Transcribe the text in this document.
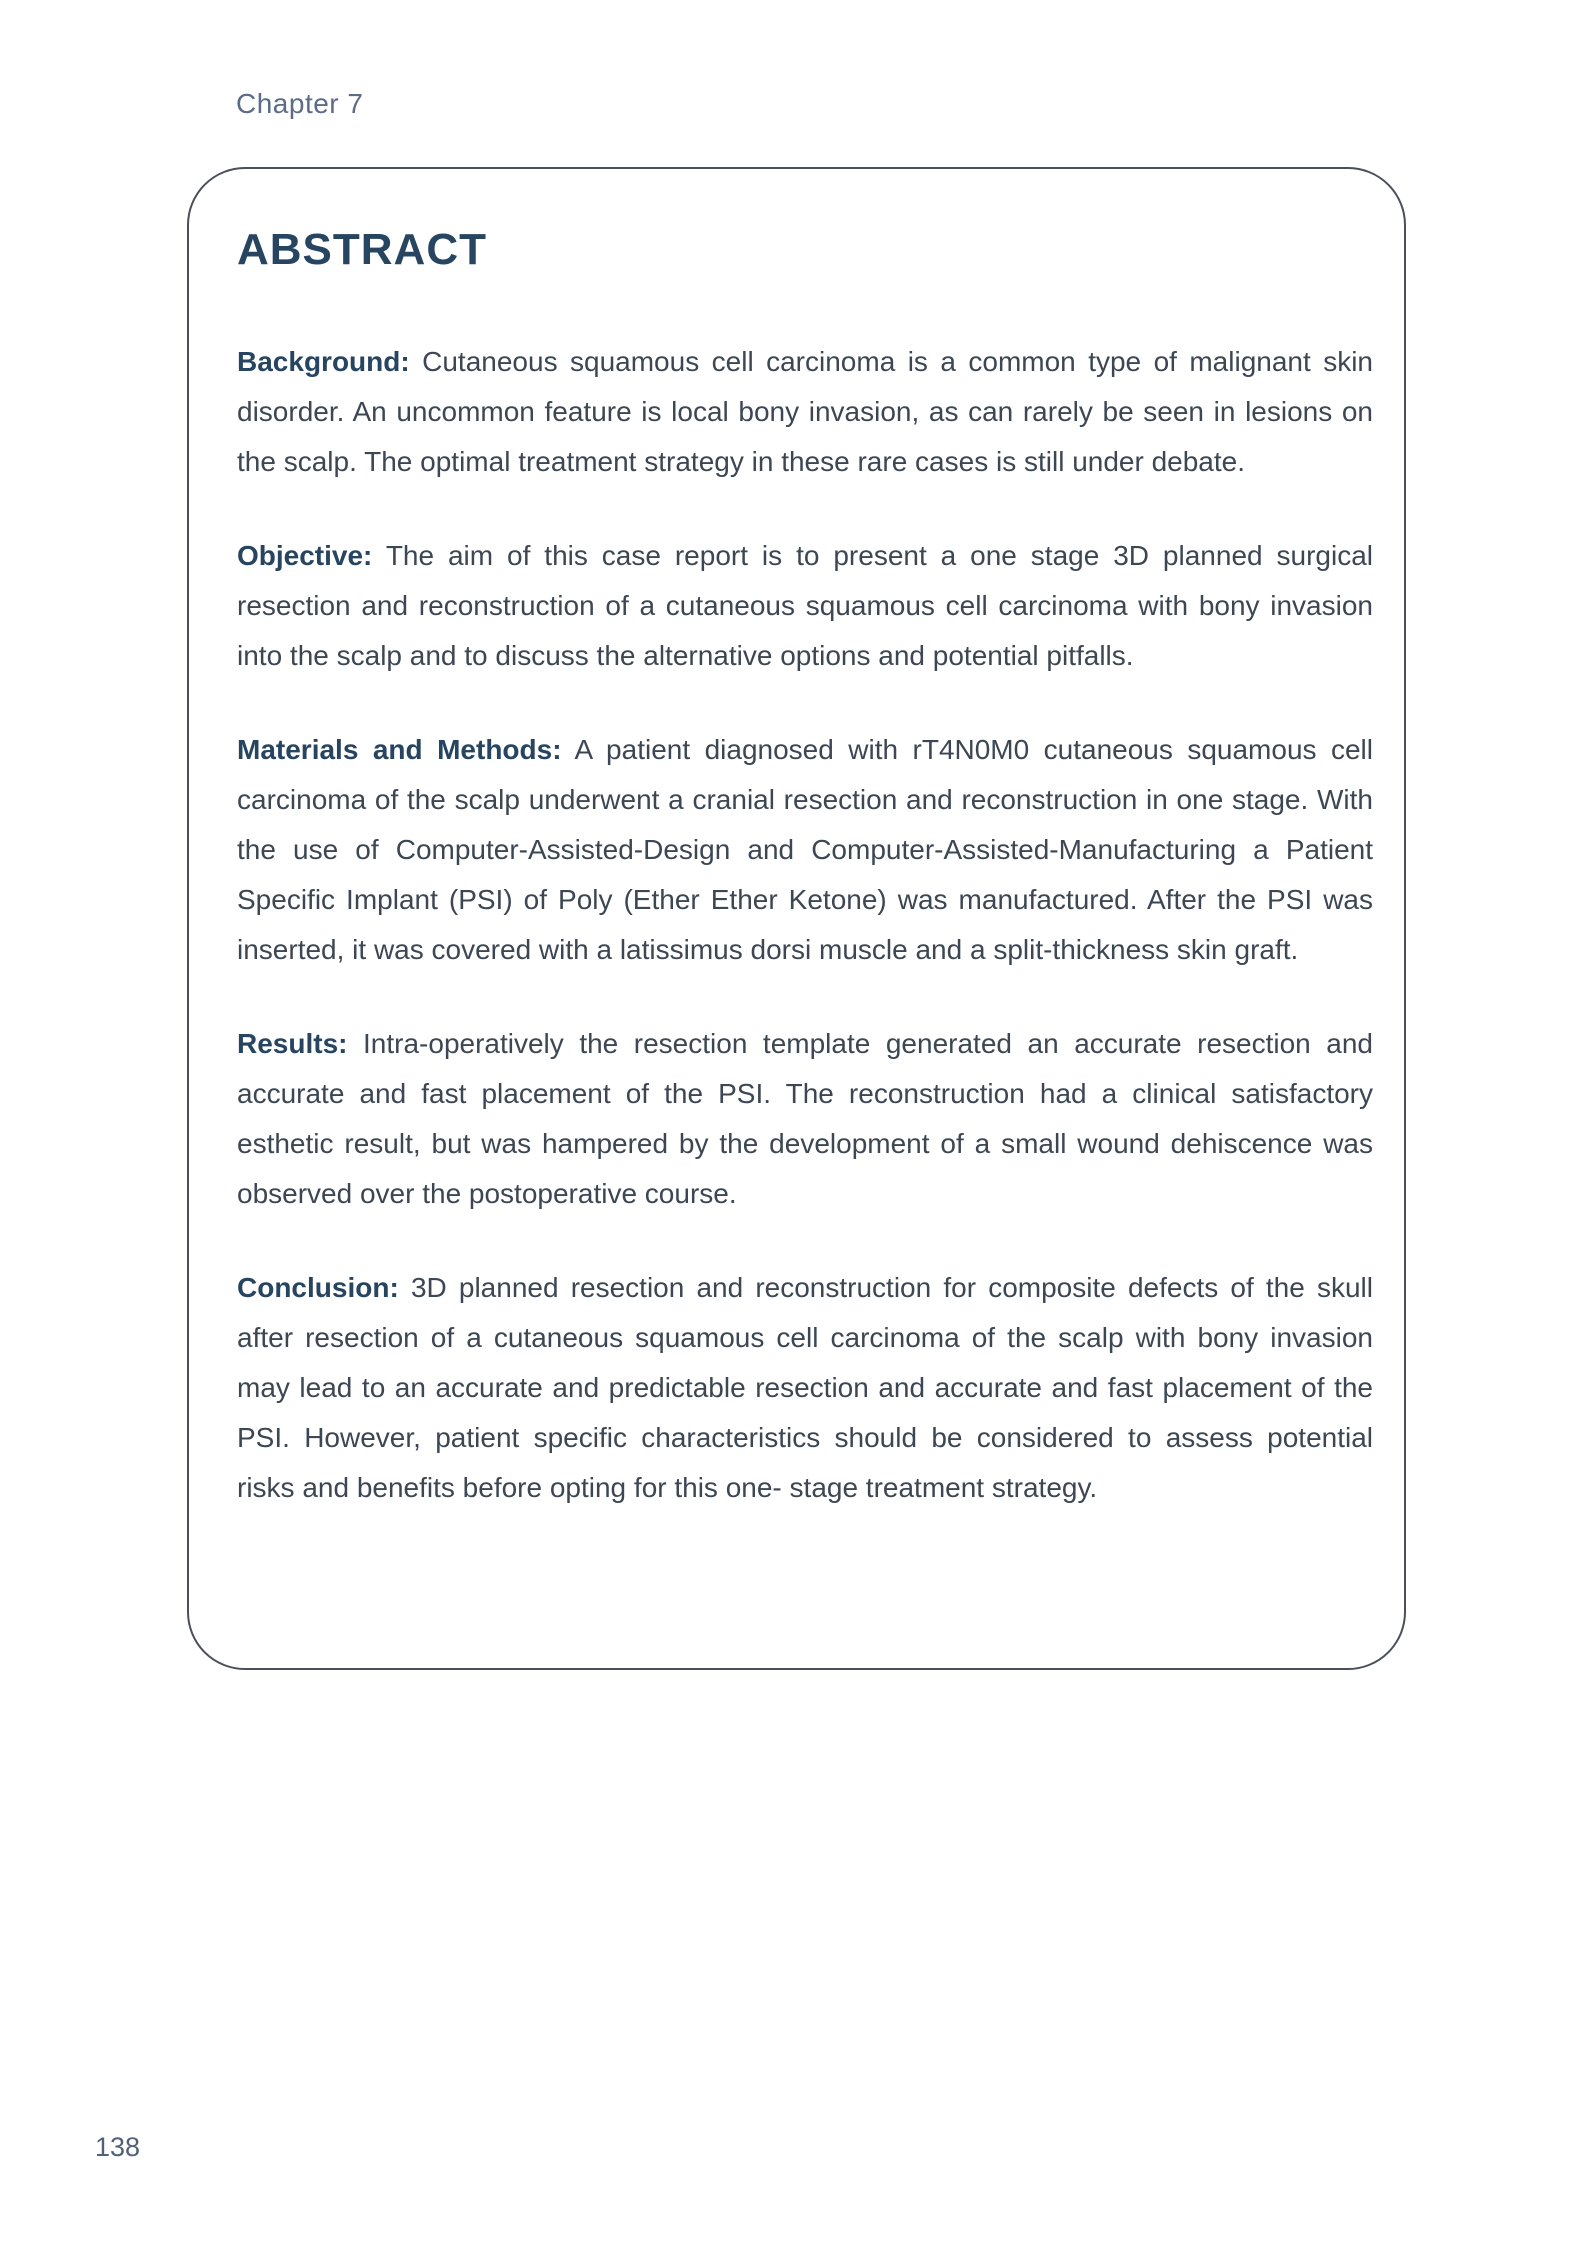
Chapter 7
ABSTRACT

Background: Cutaneous squamous cell carcinoma is a common type of malignant skin disorder. An uncommon feature is local bony invasion, as can rarely be seen in lesions on the scalp. The optimal treatment strategy in these rare cases is still under debate.

Objective: The aim of this case report is to present a one stage 3D planned surgical resection and reconstruction of a cutaneous squamous cell carcinoma with bony invasion into the scalp and to discuss the alternative options and potential pitfalls.

Materials and Methods: A patient diagnosed with rT4N0M0 cutaneous squamous cell carcinoma of the scalp underwent a cranial resection and reconstruction in one stage. With the use of Computer-Assisted-Design and Computer-Assisted-Manufacturing a Patient Specific Implant (PSI) of Poly (Ether Ether Ketone) was manufactured. After the PSI was inserted, it was covered with a latissimus dorsi muscle and a split-thickness skin graft.

Results: Intra-operatively the resection template generated an accurate resection and accurate and fast placement of the PSI. The reconstruction had a clinical satisfactory esthetic result, but was hampered by the development of a small wound dehiscence was observed over the postoperative course.

Conclusion: 3D planned resection and reconstruction for composite defects of the skull after resection of a cutaneous squamous cell carcinoma of the scalp with bony invasion may lead to an accurate and predictable resection and accurate and fast placement of the PSI. However, patient specific characteristics should be considered to assess potential risks and benefits before opting for this one- stage treatment strategy.

138
